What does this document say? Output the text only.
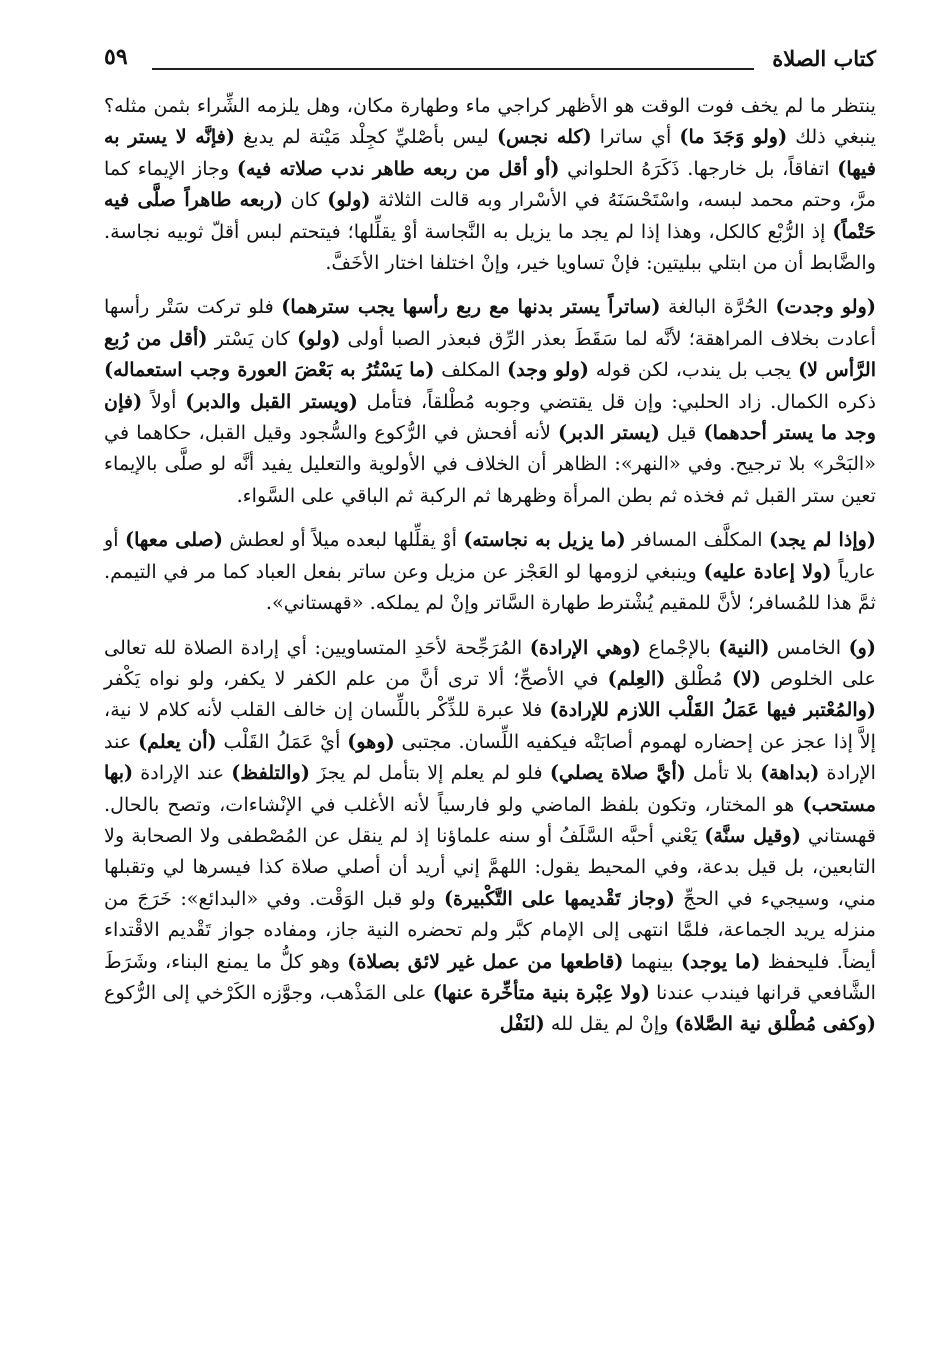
كتاب الصلاة
٥٩

ينتظر ما لم يخف فوت الوقت هو الأظهر كراجي ماء وطهارة مكان، وهل يلزمه الشِّراء بثمن مثله؟ ينبغي ذلك (ولو وَجَدَ ما) أي ساترا (كله نجس) ليس بأصْليِّ كجِلْد مَيْتة لم يدبغ (فإنَّه لا يستر به فيها) اتفاقاً، بل خارجها. ذَكَرَهُ الحلواني (أو أقل من ربعه طاهر ندب صلاته فيه) وجاز الإيماء كما مرَّ، وحتم محمد لبسه، واسْتَحْسَنَهُ في الأسْرار وبه قالت الثلاثة (ولو) كان (ربعه طاهراً صلَّى فيه حَتْماً) إذ الرُّبْع كالكل، وهذا إذا لم يجد ما يزيل به النَّجاسة أوْ يقلِّلها؛ فيتحتم لبس أقلّ ثوبيه نجاسة. والضَّابط أن من ابتلي ببليتين: فإنْ تساويا خير، وإنْ اختلفا اختار الأخَفَّ.

(ولو وجدت) الحُرَّة البالغة (ساتراً يستر بدنها مع ربع رأسها يجب سترهما) فلو تركت سَتْر رأسها أعادت بخلاف المراهقة؛ لأنَّه لما سَقَطَ بعذر الرِّق فبعذر الصبا أولى (ولو) كان يَسْتر (أقل من رُبع الرَّأس لا) يجب بل يندب، لكن قوله (ولو وجد) المكلف (ما يَسْتُرُ به بَعْضَ العورة وجب استعماله) ذكره الكمال. زاد الحلبي: وإن قل يقتضي وجوبه مُطْلقاً، فتأمل (ويستر القبل والدبر) أولاً (فإن وجد ما يستر أحدهما) قيل (يستر الدبر) لأنه أفحش في الرُّكوع والسُّجود وقيل القبل، حكاهما في «البَحْر» بلا ترجيح. وفي «النهر»: الظاهر أن الخلاف في الأولوية والتعليل يفيد أنَّه لو صلَّى بالإيماء تعين ستر القبل ثم فخذه ثم بطن المرأة وظهرها ثم الركبة ثم الباقي على السَّواء.

(وإذا لم يجد) المكلَّف المسافر (ما يزيل به نجاسته) أوْ يقلِّلها لبعده ميلاً أو لعطش (صلى معها) أو عارياً (ولا إعادة عليه) وينبغي لزومها لو العَجْز عن مزيل وعن ساتر بفعل العباد كما مر في التيمم. ثمَّ هذا للمُسافر؛ لأنَّ للمقيم يُشْترط طهارة السَّاتر وإنْ لم يملكه. «قهستاني».

(و) الخامس (النية) بالإجْماع (وهي الإرادة) المُرَجِّحة لأحَدِ المتساويين: أي إرادة الصلاة لله تعالى على الخلوص (لا) مُطْلق (العِلم) في الأصحِّ؛ ألا ترى أنَّ من علم الكفر لا يكفر، ولو نواه يَكْفر (والمُعْتبر فيها عَمَلُ القَلْب اللازم للإرادة) فلا عبرة للذِّكْر باللِّسان إن خالف القلب لأنه كلام لا نية، إلاَّ إذا عجز عن إحضاره لهموم أصابَتْه فيكفيه اللِّسان. مجتبى (وهو) أيْ عَمَلُ القَلْب (أن يعلم) عند الإرادة (بداهة) بلا تأمل (أيَّ صلاة يصلي) فلو لم يعلم إلا بتأمل لم يجزَ (والتلفظ) عند الإرادة (بها مستحب) هو المختار، وتكون بلفظ الماضي ولو فارسياً لأنه الأغلب في الإنْشاءات، وتصح بالحال. قهستاني (وقيل سنَّة) يَعْني أحبَّه السَّلَفُ أو سنه علماؤنا إذ لم ينقل عن المُصْطفى ولا الصحابة ولا التابعين، بل قيل بدعة، وفي المحيط يقول: اللهمَّ إني أريد أن أصلي صلاة كذا فيسرها لي وتقبلها مني، وسيجيء في الحجِّ (وجاز تَقْديمها على التَّكْبيرة) ولو قبل الوَقْت. وفي «البدائع»: خَرَجَ من منزله يريد الجماعة، فلمَّا انتهى إلى الإمام كبَّر ولم تحضره النية جاز، ومفاده جواز تَقْديم الاقْتداء أيضاً. فليحفظ (ما يوجد) بينهما (قاطعها من عمل غير لائق بصلاة) وهو كلُّ ما يمنع البناء، وشَرَطَ الشَّافعي قرانها فيندب عندنا (ولا عِبْرة بنية متأخِّرة عنها) على المَذْهب، وجوَّزه الكَرْخي إلى الرُّكوع (وكفى مُطْلق نية الصَّلاة) وإنْ لم يقل لله (لنَفْل
